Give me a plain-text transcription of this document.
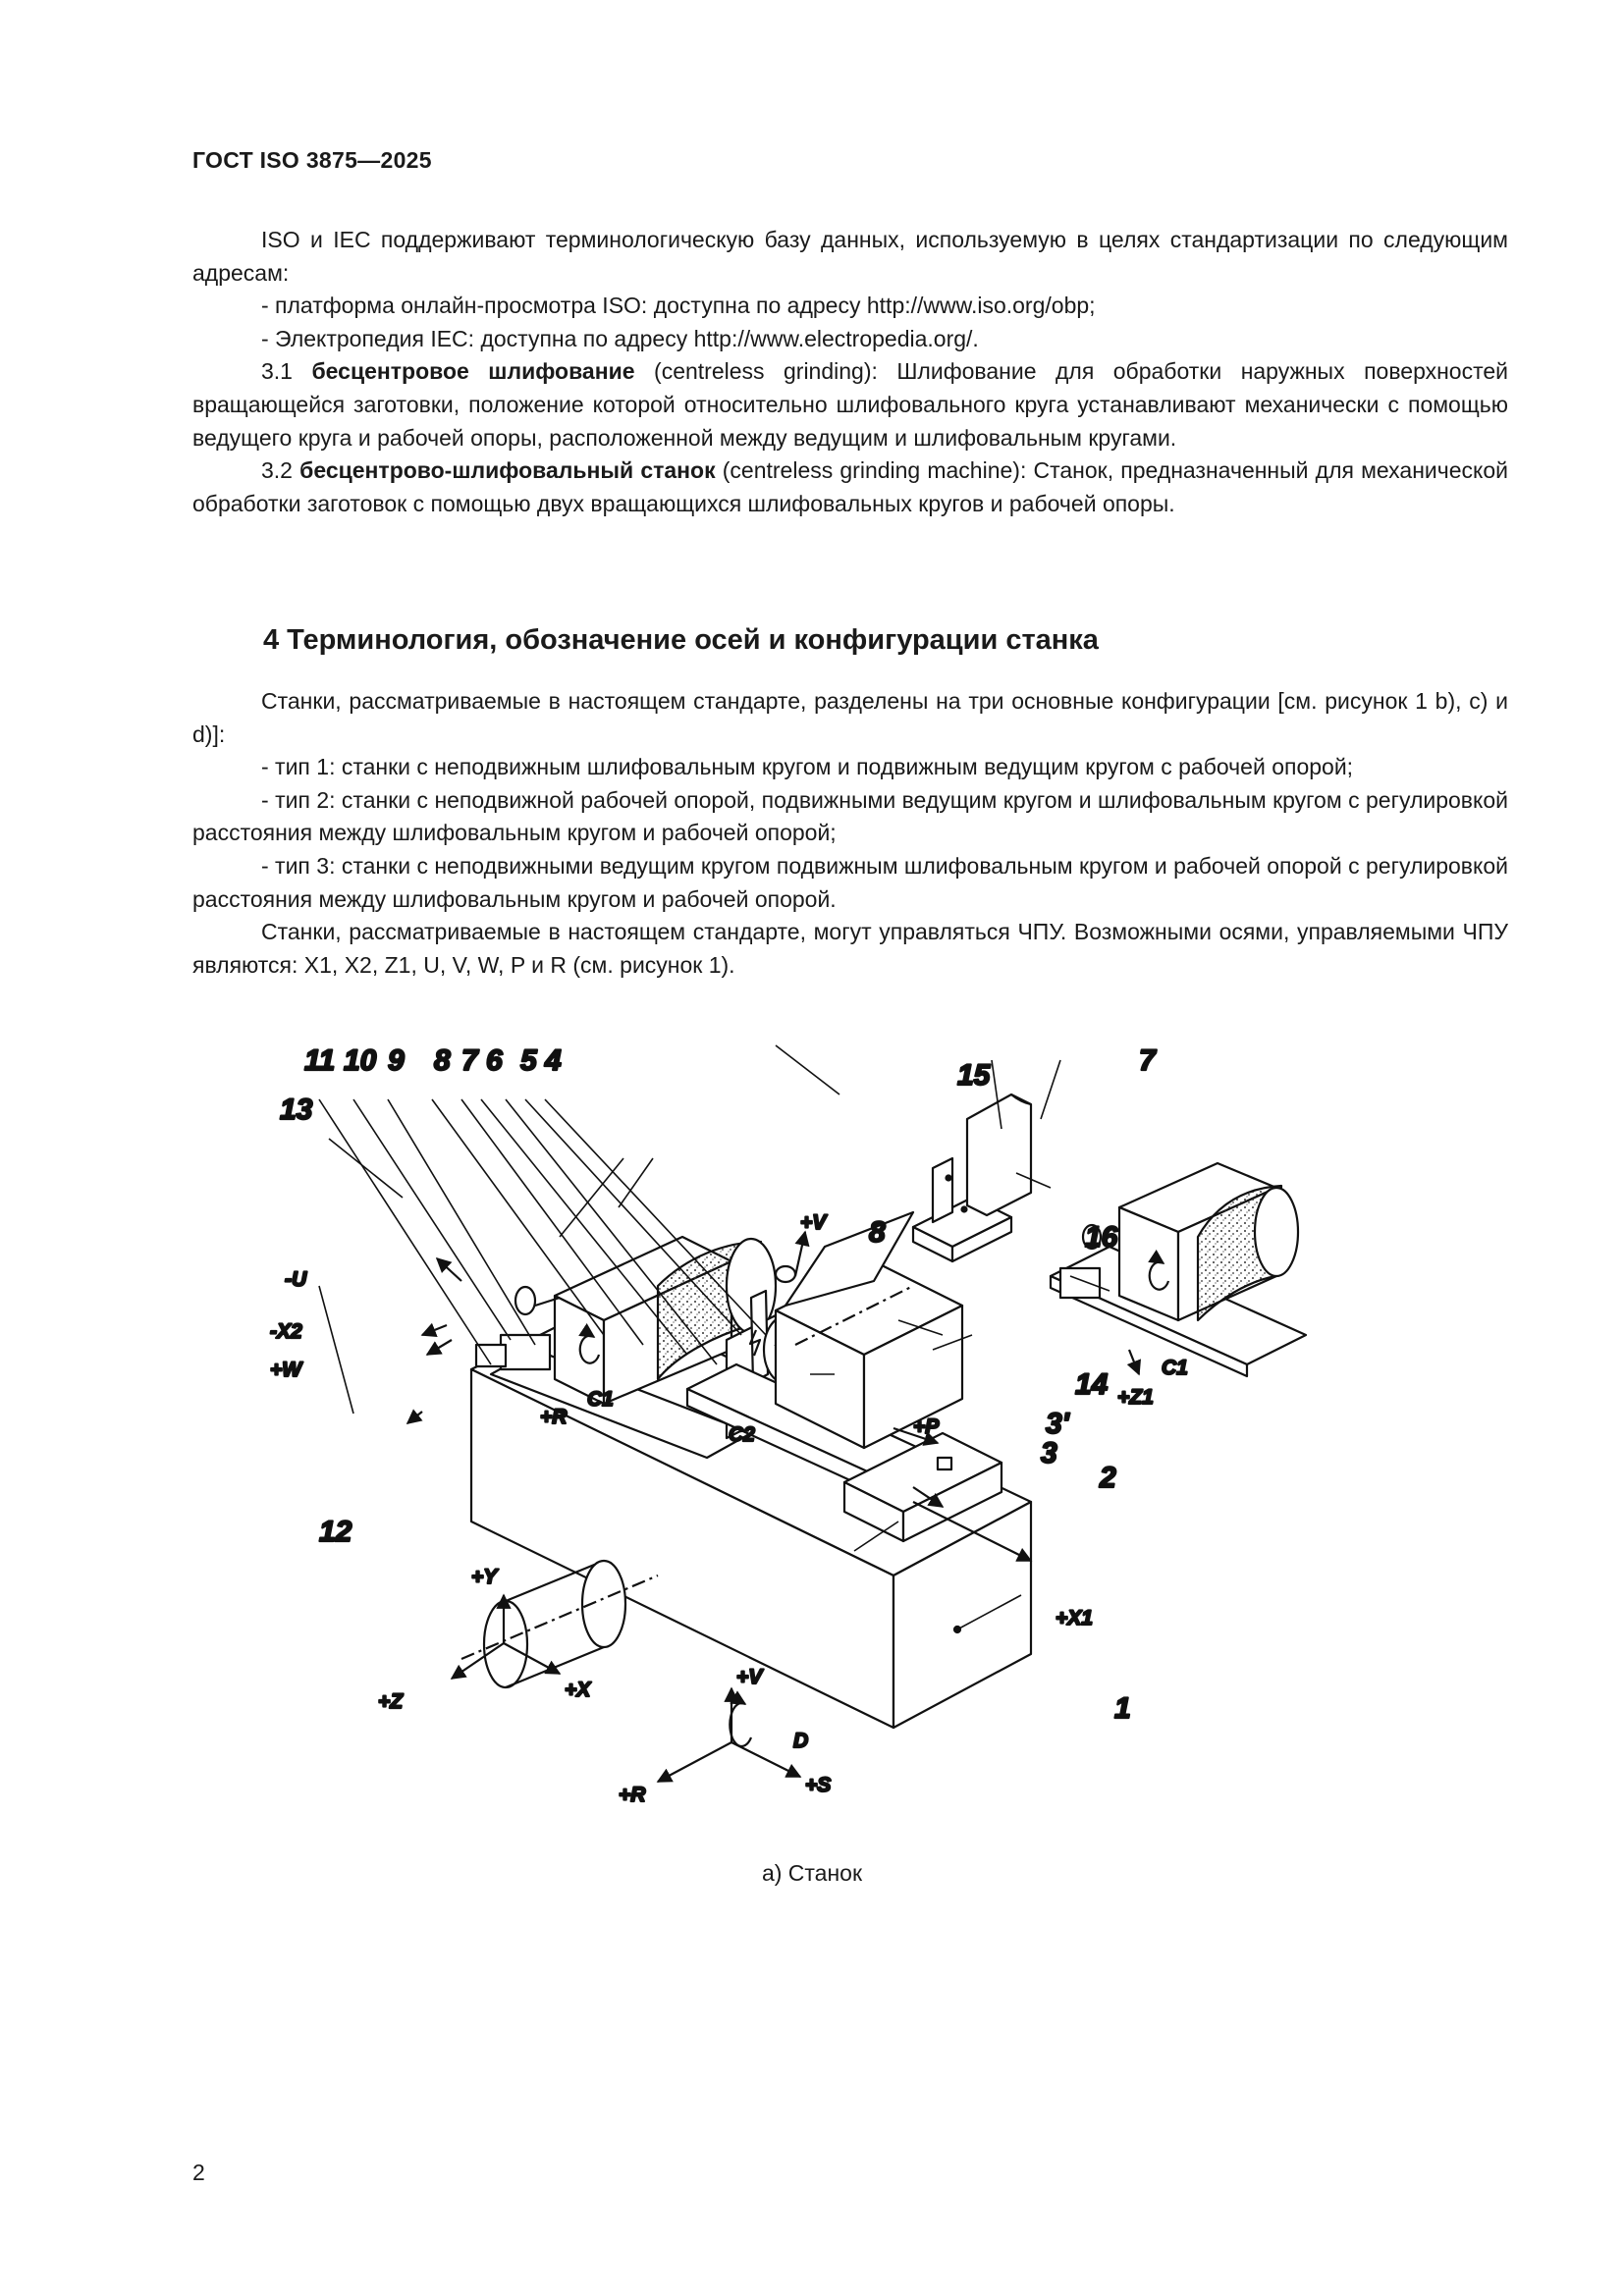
ГОСТ ISO 3875—2025

ISO и IEC поддерживают терминологическую базу данных, используемую в целях стандартизации по следующим адресам:

- платформа онлайн-просмотра ISO: доступна по адресу http://www.iso.org/obp;

- Электропедия IEC: доступна по адресу http://www.electropedia.org/.

3.1 бесцентровое шлифование (centreless grinding): Шлифование для обработки наружных поверхностей вращающейся заготовки, положение которой относительно шлифовального круга устанавливают механически с помощью ведущего круга и рабочей опоры, расположенной между ведущим и шлифовальным кругами.

3.2 бесцентрово-шлифовальный станок (centreless grinding machine): Станок, предназначенный для механической обработки заготовок с помощью двух вращающихся шлифовальных кругов и рабочей опоры.

4 Терминология, обозначение осей и конфигурации станка

Станки, рассматриваемые в настоящем стандарте, разделены на три основные конфигурации [см. рисунок 1 b), c) и d)]:

- тип 1: станки с неподвижным шлифовальным кругом и подвижным ведущим кругом с рабочей опорой;

- тип 2: станки с неподвижной рабочей опорой, подвижными ведущим кругом и шлифовальным кругом с регулировкой расстояния между шлифовальным кругом и рабочей опорой;

- тип 3: станки с неподвижными ведущим кругом подвижным шлифовальным кругом и рабочей опорой с регулировкой расстояния между шлифовальным кругом и рабочей опорой.

Станки, рассматриваемые в настоящем стандарте, могут управляться ЧПУ. Возможными осями, управляемыми ЧПУ являются: X1, X2, Z1, U, V, W, P и R (см. рисунок 1).

11 10 9 8 7 6 5 4
13
15	7
8	16
14
3'
3
2
12
1
-U
-X2
+W
+V
+R	+P
+X1
+Z1
C1
C1
C2
+Y
+Z
+X
+V
+R	+S
D
а) Станок
2
